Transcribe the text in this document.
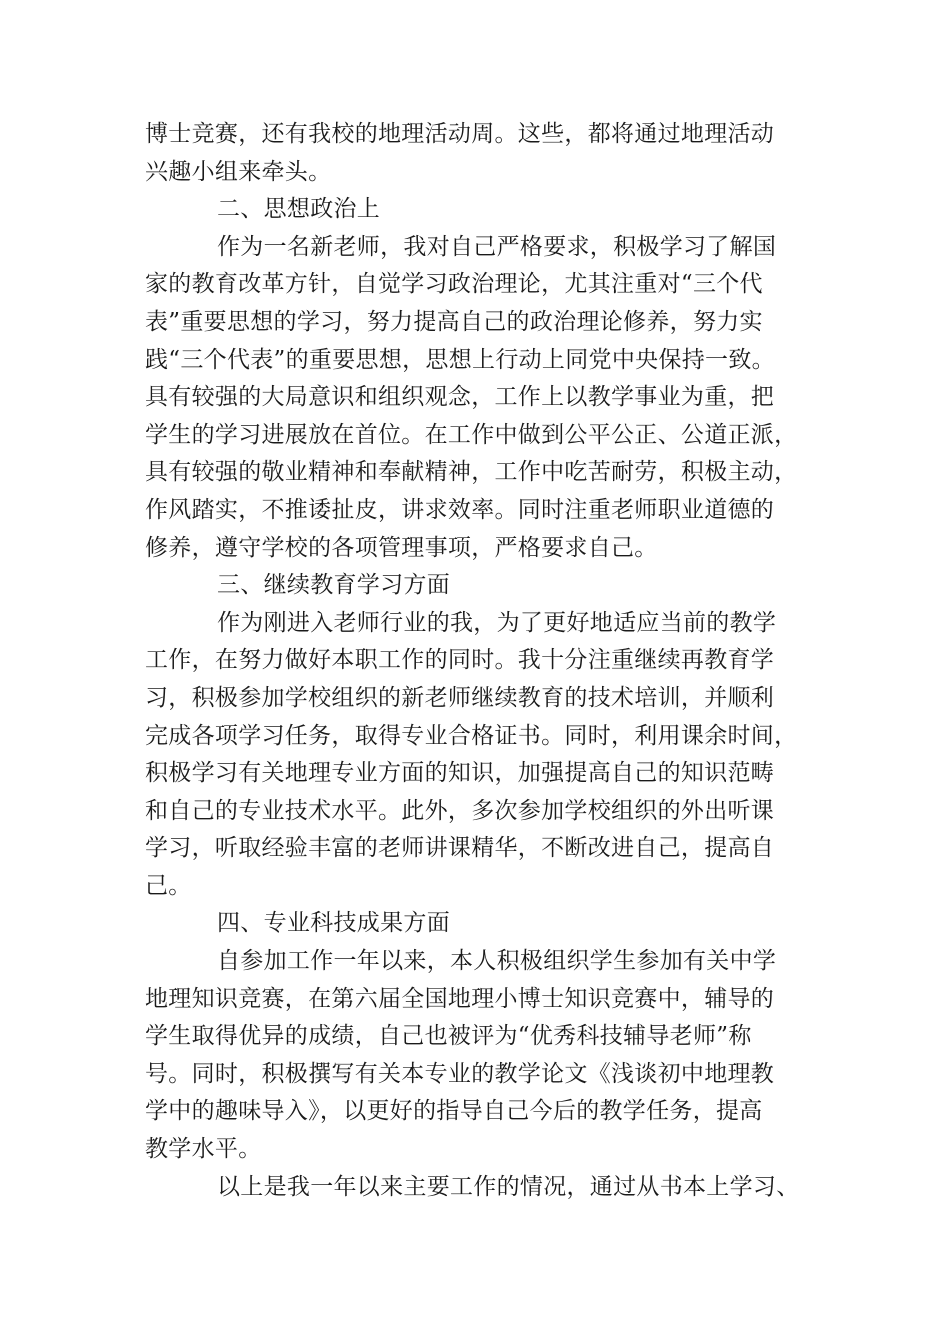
博士竞赛，还有我校的地理活动周。这些，都将通过地理活动
兴趣小组来牵头。
二、思想政治上
作为一名新老师，我对自己严格要求，积极学习了解国
家的教育改革方针，自觉学习政治理论，尤其注重对“三个代
表”重要思想的学习，努力提高自己的政治理论修养，努力实
践“三个代表”的重要思想，思想上行动上同党中央保持一致。
具有较强的大局意识和组织观念，工作上以教学事业为重，把
学生的学习进展放在首位。在工作中做到公平公正、公道正派，
具有较强的敬业精神和奉献精神，工作中吃苦耐劳，积极主动，
作风踏实，不推诿扯皮，讲求效率。同时注重老师职业道德的
修养，遵守学校的各项管理事项，严格要求自己。
三、继续教育学习方面
作为刚进入老师行业的我，为了更好地适应当前的教学
工作，在努力做好本职工作的同时。我十分注重继续再教育学
习，积极参加学校组织的新老师继续教育的技术培训，并顺利
完成各项学习任务，取得专业合格证书。同时，利用课余时间，
积极学习有关地理专业方面的知识，加强提高自己的知识范畴
和自己的专业技术水平。此外，多次参加学校组织的外出听课
学习，听取经验丰富的老师讲课精华，不断改进自己，提高自
己。
四、专业科技成果方面
自参加工作一年以来，本人积极组织学生参加有关中学
地理知识竞赛，在第六届全国地理小博士知识竞赛中，辅导的
学生取得优异的成绩，自己也被评为“优秀科技辅导老师”称
号。同时，积极撰写有关本专业的教学论文《浅谈初中地理教
学中的趣味导入》，以更好的指导自己今后的教学任务，提高
教学水平。
以上是我一年以来主要工作的情况，通过从书本上学习、
